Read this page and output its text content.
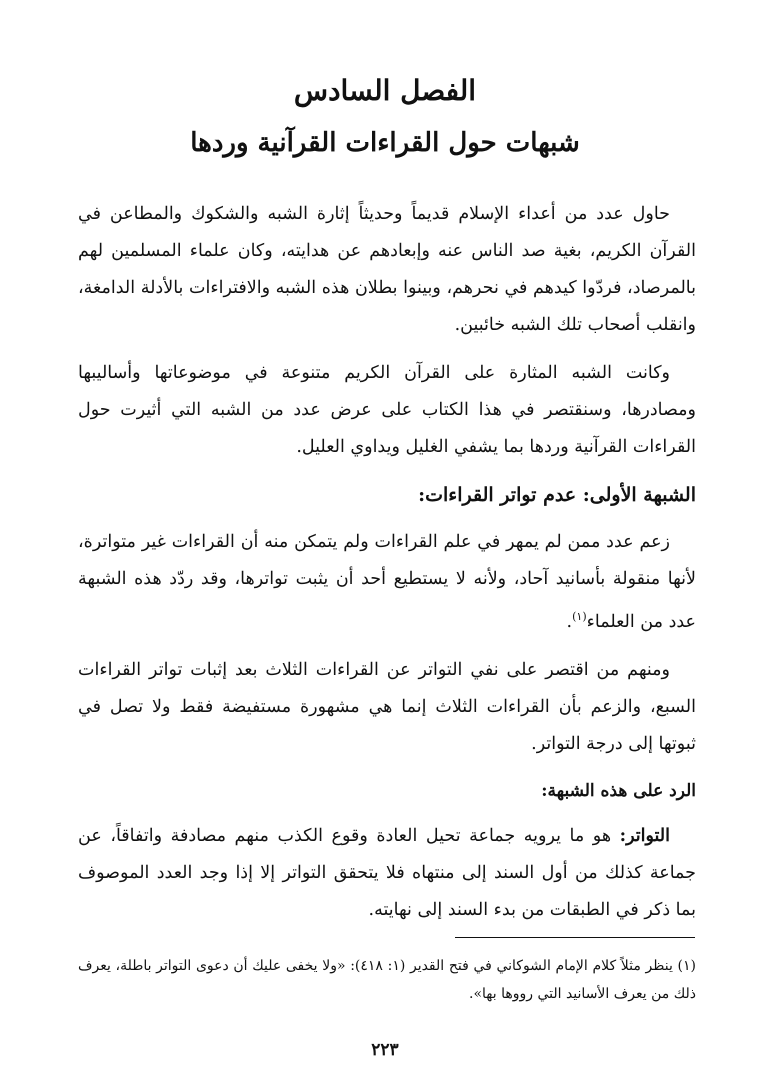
الفصل السادس
شبهات حول القراءات القرآنية وردها

حاول عدد من أعداء الإسلام قديماً وحديثاً إثارة الشبه والشكوك والمطاعن في القرآن الكريم، بغية صد الناس عنه وإبعادهم عن هدايته، وكان علماء المسلمين لهم بالمرصاد، فردّوا كيدهم في نحرهم، وبينوا بطلان هذه الشبه والافتراءات بالأدلة الدامغة، وانقلب أصحاب تلك الشبه خائبين.

وكانت الشبه المثارة على القرآن الكريم متنوعة في موضوعاتها وأساليبها ومصادرها، وسنقتصر في هذا الكتاب على عرض عدد من الشبه التي أثيرت حول القراءات القرآنية وردها بما يشفي الغليل ويداوي العليل.

الشبهة الأولى: عدم تواتر القراءات:

زعم عدد ممن لم يمهر في علم القراءات ولم يتمكن منه أن القراءات غير متواترة، لأنها منقولة بأسانيد آحاد، ولأنه لا يستطيع أحد أن يثبت تواترها، وقد ردّد هذه الشبهة عدد من العلماء$^{(١)}$.

ومنهم من اقتصر على نفي التواتر عن القراءات الثلاث بعد إثبات تواتر القراءات السبع، والزعم بأن القراءات الثلاث إنما هي مشهورة مستفيضة فقط ولا تصل في ثبوتها إلى درجة التواتر.

الرد على هذه الشبهة:

التواتر: هو ما يرويه جماعة تحيل العادة وقوع الكذب منهم مصادفة واتفاقاً، عن جماعة كذلك من أول السند إلى منتهاه فلا يتحقق التواتر إلا إذا وجد العدد الموصوف بما ذكر في الطبقات من بدء السند إلى نهايته.

(١) ينظر مثلاً كلام الإمام الشوكاني في فتح القدير (١: ٤١٨): «ولا يخفى عليك أن دعوى التواتر باطلة، يعرف ذلك من يعرف الأسانيد التي رووها بها».

٢٢٣
